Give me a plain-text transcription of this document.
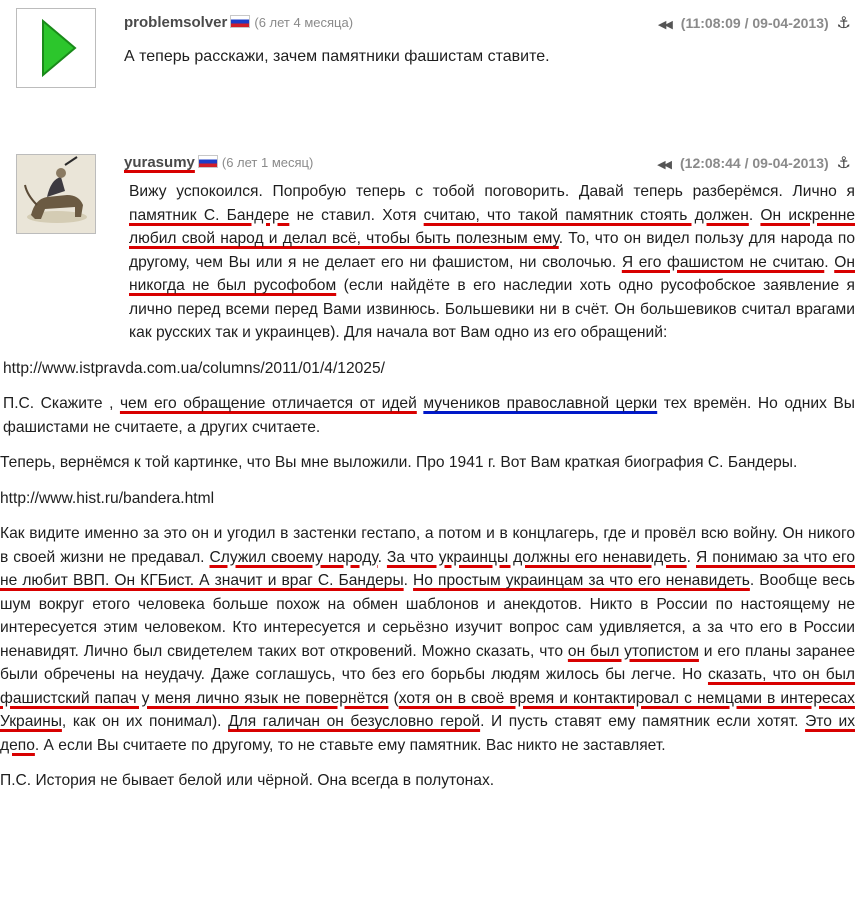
problemsolver (6 лет 4 месяца)	◀◀ (11:08:09 / 09-04-2013) ⚓
А теперь расскажи, зачем памятники фашистам ставите.
yurasumy (6 лет 1 месяц)	◀◀ (12:08:44 / 09-04-2013) ⚓

Вижу успокоился. Попробую теперь с тобой поговорить. Давай теперь разберёмся. Лично я памятник С. Бандере не ставил. Хотя считаю, что такой памятник стоять должен. Он искренне любил свой народ и делал всё, чтобы быть полезным ему. То, что он видел пользу для народа по другому, чем Вы или я не делает его ни фашистом, ни сволочью. Я его фашистом не считаю. Он никогда не был русофобом (если найдёте в его наследии хоть одно русофобское заявление я лично перед всеми перед Вами извинюсь. Большевики ни в счёт. Он большевиков считал врагами как русских так и украинцев). Для начала вот Вам одно из его обращений:

http://www.istpravda.com.ua/columns/2011/01/4/12025/

П.С. Скажите , чем его обращение отличается от идей мучеников православной церки тех времён. Но одних Вы фашистами не считаете, а других считаете.

Теперь, вернёмся к той картинке, что Вы мне выложили. Про 1941 г. Вот Вам краткая биография С. Бандеры.

http://www.hist.ru/bandera.html

Как видите именно за это он и угодил в застенки гестапо, а потом и в концлагерь, где и провёл всю войну. Он никого в своей жизни не предавал. Служил своему народу. За что украинцы должны его ненавидеть. Я понимаю за что его не любит ВВП. Он КГБист. А значит и враг С. Бандеры. Но простым украинцам за что его ненавидеть. Вообще весь шум вокруг етого человека больше похож на обмен шаблонов и анекдотов. Никто в России по настоящему не интересуется этим человеком. Кто интересуется и серьёзно изучит вопрос сам удивляется, а за что его в России ненавидят. Лично был свидетелем таких вот откровений. Можно сказать, что он был утопистом и его планы заранее были обречены на неудачу. Даже соглашусь, что без его борьбы людям жилось бы легче. Но сказать, что он был фашистский папач у меня лично язык не повернётся (хотя он в своё время и контактировал с немцами в интересах Украины, как он их понимал). Для галичан он безусловно герой. И пусть ставят ему памятник если хотят. Это их депо. А если Вы считаете по другому, то не ставьте ему памятник. Вас никто не заставляет.

П.С. История не бывает белой или чёрной. Она всегда в полутонах.
